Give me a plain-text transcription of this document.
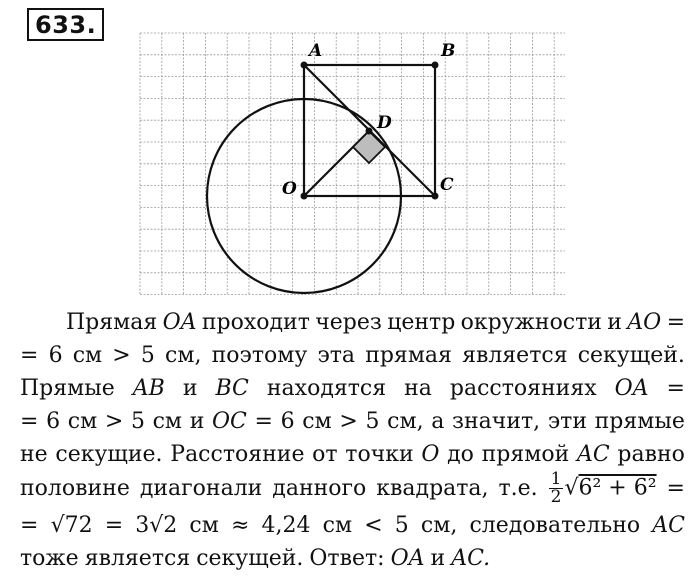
633.
A	B
C
D
O
Прямая OA проходит через центр окружности и AO =
= 6 см > 5 см, поэтому эта прямая является секущей.
Прямые AB и BC находятся на расстояниях OA =
= 6 см > 5 см и OC = 6 см > 5 см, а значит, эти прямые
не секущие. Расстояние от точки O до прямой AC равно
половине диагонали данного квадрата, т.е. $\frac{1}{2} √6^2 + 6^2$ =
= √72 = 3√2 см ≈ 4,24 см < 5 см, следовательно AC
тоже является секущей. Ответ: OA и AC.
